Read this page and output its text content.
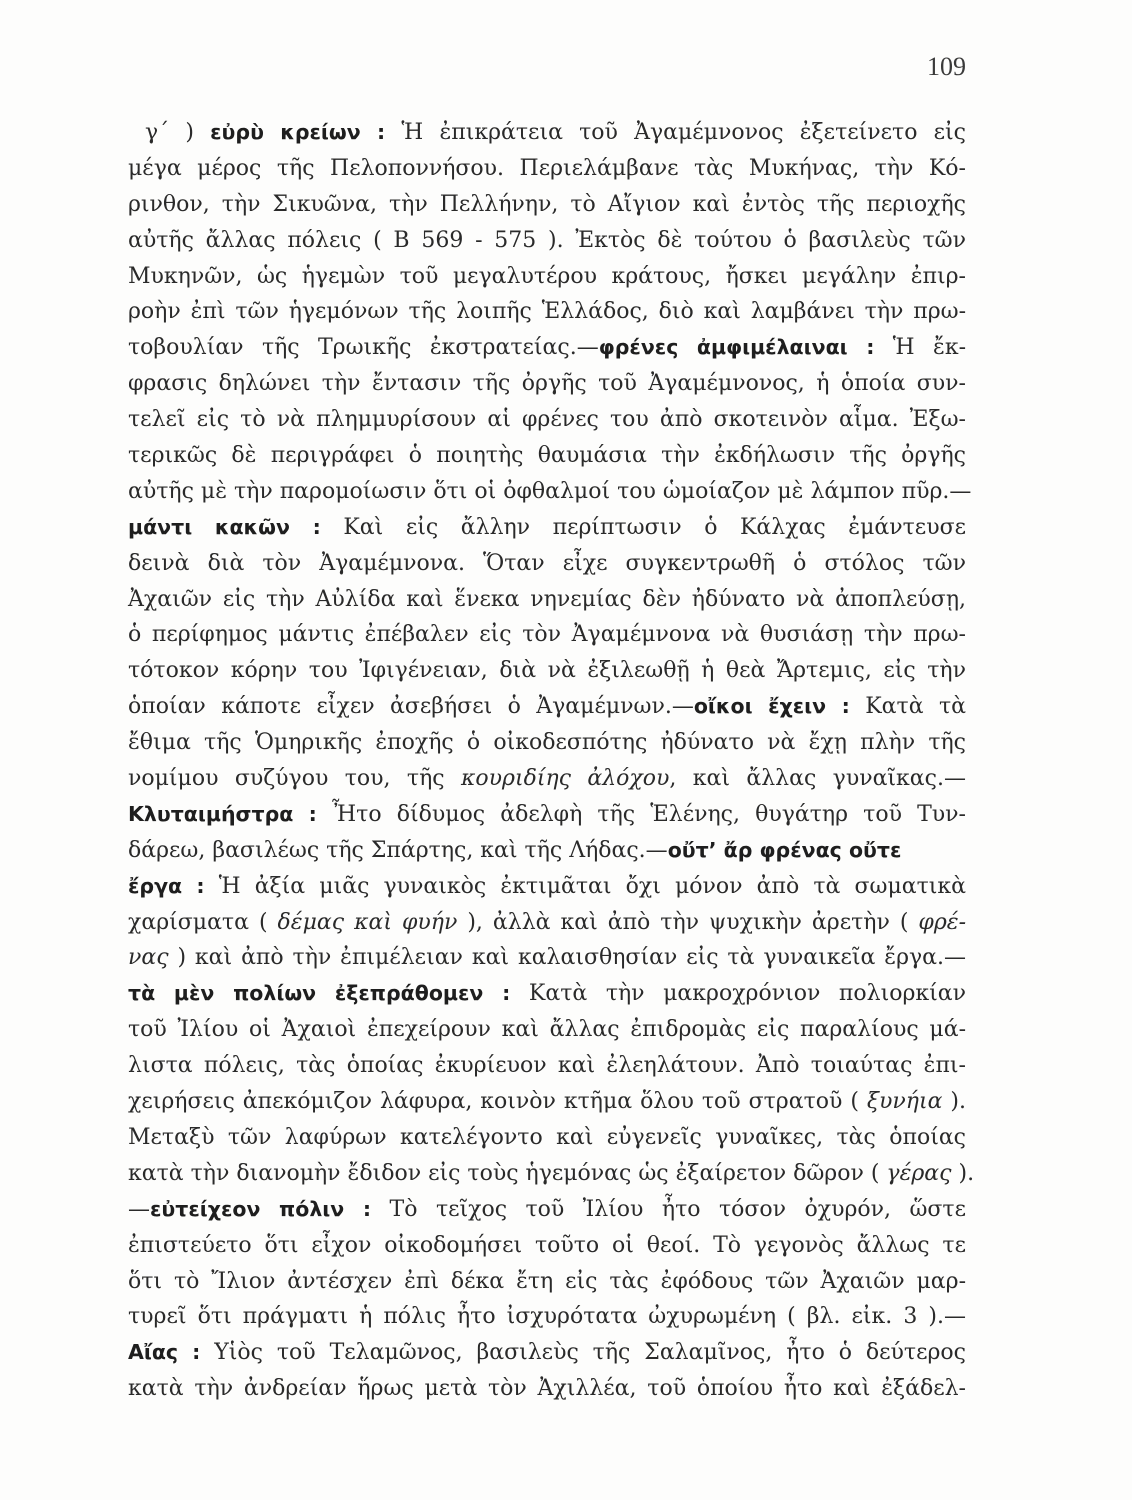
109
γ΄ ) εὐρὺ κρείων : Ἡ ἐπικράτεια τοῦ Ἀγαμέμνονος ἐξετείνετο εἰς
μέγα μέρος τῆς Πελοποννήσου. Περιελάμβανε τὰς Μυκήνας, τὴν Κό-
ρινθον, τὴν Σικυῶνα, τὴν Πελλήνην, τὸ Αἴγιον καὶ ἐντὸς τῆς περιοχῆς
αὐτῆς ἄλλας πόλεις ( Β 569 - 575 ). Ἐκτὸς δὲ τούτου ὁ βασιλεὺς τῶν
Μυκηνῶν, ὡς ἡγεμὼν τοῦ μεγαλυτέρου κράτους, ἤσκει μεγάλην ἐπιρ-
ροὴν ἐπὶ τῶν ἡγεμόνων τῆς λοιπῆς Ἑλλάδος, διὸ καὶ λαμβάνει τὴν πρω-
τοβουλίαν τῆς Τρωικῆς ἐκστρατείας.—φρένες ἀμφιμέλαιναι : Ἡ ἔκ-
φρασις δηλώνει τὴν ἔντασιν τῆς ὀργῆς τοῦ Ἀγαμέμνονος, ἡ ὁποία συν-
τελεῖ εἰς τὸ νὰ πλημμυρίσουν αἱ φρένες του ἀπὸ σκοτεινὸν αἷμα. Ἐξω-
τερικῶς δὲ περιγράφει ὁ ποιητὴς θαυμάσια τὴν ἐκδήλωσιν τῆς ὀργῆς
αὐτῆς μὲ τὴν παρομοίωσιν ὅτι οἱ ὀφθαλμοί του ὡμοίαζον μὲ λάμπον πῦρ.—
μάντι κακῶν : Καὶ εἰς ἄλλην περίπτωσιν ὁ Κάλχας ἐμάντευσε
δεινὰ διὰ τὸν Ἀγαμέμνονα. Ὅταν εἶχε συγκεντρωθῆ ὁ στόλος τῶν
Ἀχαιῶν εἰς τὴν Αὐλίδα καὶ ἕνεκα νηνεμίας δὲν ἠδύνατο νὰ ἀποπλεύσῃ,
ὁ περίφημος μάντις ἐπέβαλεν εἰς τὸν Ἀγαμέμνονα νὰ θυσιάσῃ τὴν πρω-
τότοκον κόρην του Ἰφιγένειαν, διὰ νὰ ἐξιλεωθῇ ἡ θεὰ Ἄρτεμις, εἰς τὴν
ὁποίαν κάποτε εἶχεν ἀσεβήσει ὁ Ἀγαμέμνων.—οἴκοι ἔχειν : Κατὰ τὰ
ἔθιμα τῆς Ὁμηρικῆς ἐποχῆς ὁ οἰκοδεσπότης ἠδύνατο νὰ ἔχῃ πλὴν τῆς
νομίμου συζύγου του, τῆς κουριδίης ἀλόχου, καὶ ἄλλας γυναῖκας.—
Κλυταιμήστρα : Ἦτο δίδυμος ἀδελφὴ τῆς Ἑλένης, θυγάτηρ τοῦ Τυν-
δάρεω, βασιλέως τῆς Σπάρτης, καὶ τῆς Λήδας.—οὔτ’ ἄρ φρένας οὔτε
ἔργα : Ἡ ἀξία μιᾶς γυναικὸς ἐκτιμᾶται ὄχι μόνον ἀπὸ τὰ σωματικὰ
χαρίσματα ( δέμας καὶ φυήν ), ἀλλὰ καὶ ἀπὸ τὴν ψυχικὴν ἀρετὴν ( φρέ-
νας ) καὶ ἀπὸ τὴν ἐπιμέλειαν καὶ καλαισθησίαν εἰς τὰ γυναικεῖα ἔργα.—
τὰ μὲν πολίων ἐξεπράθομεν : Κατὰ τὴν μακροχρόνιον πολιορκίαν
τοῦ Ἰλίου οἱ Ἀχαιοὶ ἐπεχείρουν καὶ ἄλλας ἐπιδρομὰς εἰς παραλίους μά-
λιστα πόλεις, τὰς ὁποίας ἐκυρίευον καὶ ἐλεηλάτουν. Ἀπὸ τοιαύτας ἐπι-
χειρήσεις ἀπεκόμιζον λάφυρα, κοινὸν κτῆμα ὅλου τοῦ στρατοῦ ( ξυνήια ).
Μεταξὺ τῶν λαφύρων κατελέγοντο καὶ εὐγενεῖς γυναῖκες, τὰς ὁποίας
κατὰ τὴν διανομὴν ἔδιδον εἰς τοὺς ἡγεμόνας ὡς ἐξαίρετον δῶρον ( γέρας ).
—εὐτείχεον πόλιν : Τὸ τεῖχος τοῦ Ἰλίου ἦτο τόσον ὀχυρόν, ὥστε
ἐπιστεύετο ὅτι εἶχον οἰκοδομήσει τοῦτο οἱ θεοί. Τὸ γεγονὸς ἄλλως τε
ὅτι τὸ Ἴλιον ἀντέσχεν ἐπὶ δέκα ἔτη εἰς τὰς ἐφόδους τῶν Ἀχαιῶν μαρ-
τυρεῖ ὅτι πράγματι ἡ πόλις ἦτο ἰσχυρότατα ὠχυρωμένη ( βλ. εἰκ. 3 ).—
Αἴας : Υἱὸς τοῦ Τελαμῶνος, βασιλεὺς τῆς Σαλαμῖνος, ἦτο ὁ δεύτερος
κατὰ τὴν ἀνδρείαν ἥρως μετὰ τὸν Ἀχιλλέα, τοῦ ὁποίου ἦτο καὶ ἐξάδελ-
